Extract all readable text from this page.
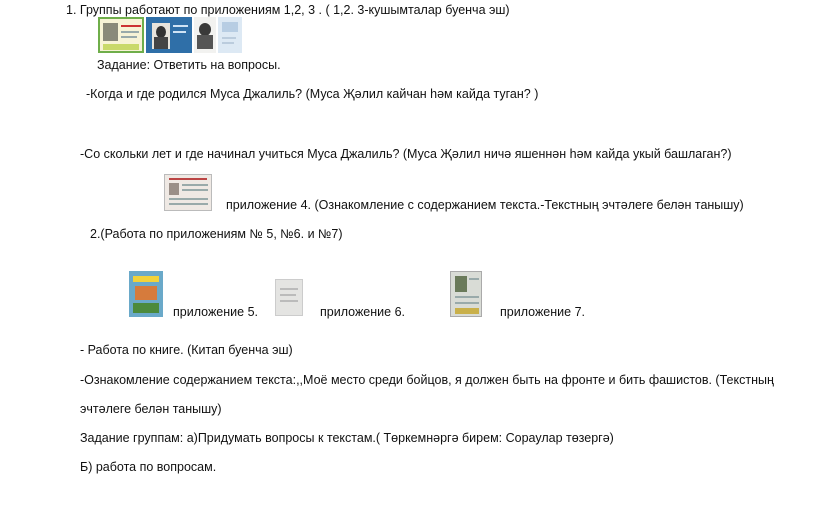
1. Группы работают по приложениям 1,2, 3 . ( 1,2. 3-кушымталар буенча эш)
Задание: Ответить на вопросы.
-Когда и где родился Муса Джалиль? (Муса Җәлил кайчан һәм кайда туган? )
-Со скольки лет и где начинал учиться Муса Джалиль? (Муса Җәлил ничә яшеннән һәм кайда укый башлаган?)
приложение 4. (Ознакомление с содержанием текста.-Текстның эчтәлеге белән танышу)
2.(Работа по приложениям № 5, №6. и №7)
приложение 5.	приложение 6.	приложение 7.
- Работа по книге. (Китап буенча эш)
-Ознакомление содержанием текста:,,Моё место среди бойцов, я должен быть на фронте и бить фашистов. (Текстның
эчтәлеге белән танышу)
Задание группам: а)Придумать вопросы к текстам.( Төркемнәргә бирем: Сораулар төзергә)
Б) работа по вопросам.
